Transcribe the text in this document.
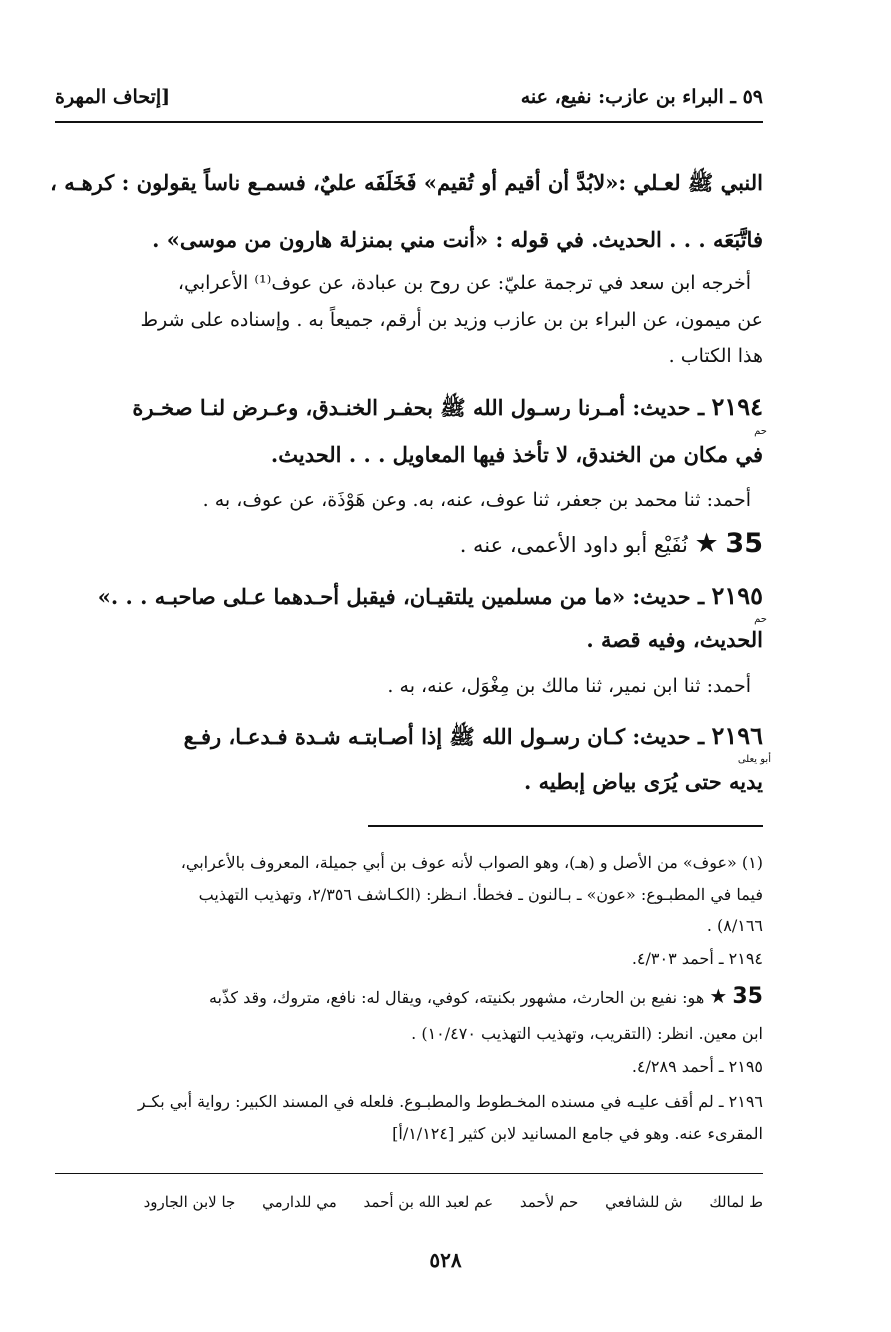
٥٩ ـ البراء بن عازب: نفيع، عنه
[إتحاف المهرة
النبي ﷺ لعـلي :«لابُدَّ أن أقيم أو تُقيم» فَخَلَفَه عليٌ، فسمـع ناساً يقولون : كرهـه ،
فاتَّبَعَه . . . الحديث. في قوله : «أنت مني بمنزلة هارون من موسى» .
أخرجه ابن سعد في ترجمة عليّ: عن روح بن عبادة، عن عوف⁽¹⁾ الأعرابي،
عن ميمون، عن البراء بن بن عازب وزيد بن أرقم، جميعاً به . وإسناده على شرط
هذا الكتاب .
٢١٩٤ ـ حديث: أمـرنا رسـول الله ﷺ بحفـر الخنـدق، وعـرض لنـا صخـرة
حم
في مكان من الخندق، لا تأخذ فيها المعاويل . . . الحديث.
أحمد: ثنا محمد بن جعفر، ثنا عوف، عنه، به. وعن هَوْذَة، عن عوف، به .
35 ★ نُفَيْع أبو داود الأعمى، عنه .
٢١٩٥ ـ حديث: «ما من مسلمين يلتقيـان، فيقبل أحـدهما عـلى صاحبـه . . .»
حم
الحديث، وفيه قصة .
أحمد: ثنا ابن نمير، ثنا مالك بن مِغْوَل، عنه، به .
٢١٩٦ ـ حديث: كـان رسـول الله ﷺ إذا أصـابتـه شـدة فـدعـا، رفـع
أبو يعلى
يديه حتى يُرَى بياض إبطيه .
(١) «عوف» من الأصل و (هـ)، وهو الصواب لأنه عوف بن أبي جميلة، المعروف بالأعرابي،
فيما في المطبـوع: «عون» ـ بـالنون ـ فخطأ. انـظر: (الكـاشف ٢/٣٥٦، وتهذيب التهذيب
٨/١٦٦) .
٢١٩٤ ـ أحمد ٤/٣٠٣.
35 ★ هو: نفيع بن الحارث، مشهور بكنيته، كوفي، ويقال له: نافع، متروك، وقد كذّبه
ابن معين. انظر: (التقريب، وتهذيب التهذيب ١٠/٤٧٠) .
٢١٩٥ ـ أحمد ٤/٢٨٩.
٢١٩٦ ـ لم أقف عليـه في مسنده المخـطوط والمطبـوع. فلعله في المسند الكبير: رواية أبي بكـر
المقرىء عنه. وهو في جامع المسانيد لابن كثير [١/١٢٤/أ]
ط لمالك ش للشافعي حم لأحمد عم لعبد الله بن أحمد مي للدارمي جا لابن الجارود
٥٢٨
